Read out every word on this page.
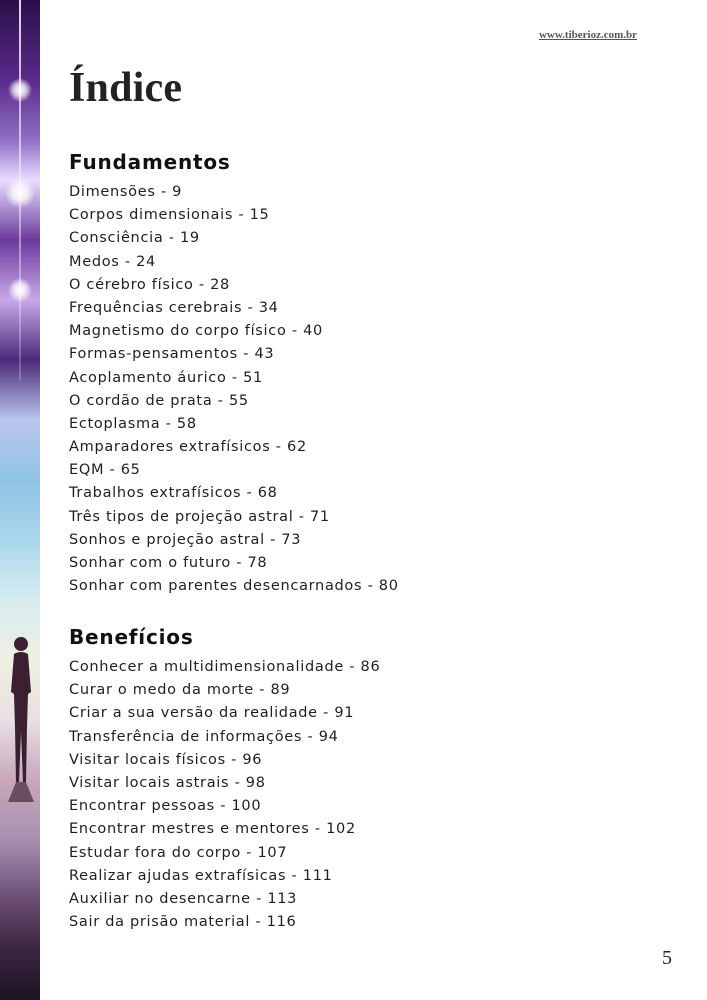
www.tiberioz.com.br
Índice
Fundamentos
Dimensões - 9
Corpos dimensionais - 15
Consciência - 19
Medos - 24
O cérebro físico - 28
Frequências cerebrais - 34
Magnetismo do corpo físico - 40
Formas-pensamentos - 43
Acoplamento áurico - 51
O cordão de prata - 55
Ectoplasma - 58
Amparadores extrafísicos - 62
EQM - 65
Trabalhos extrafísicos - 68
Três tipos de projeção astral - 71
Sonhos e projeção astral - 73
Sonhar com o futuro - 78
Sonhar com parentes desencarnados - 80
Benefícios
Conhecer a multidimensionalidade - 86
Curar o medo da morte - 89
Criar a sua versão da realidade - 91
Transferência de informações - 94
Visitar locais físicos - 96
Visitar locais astrais - 98
Encontrar pessoas - 100
Encontrar mestres e mentores - 102
Estudar fora do corpo - 107
Realizar ajudas extrafísicas - 111
Auxiliar no desencarne - 113
Sair da prisão material - 116
5
